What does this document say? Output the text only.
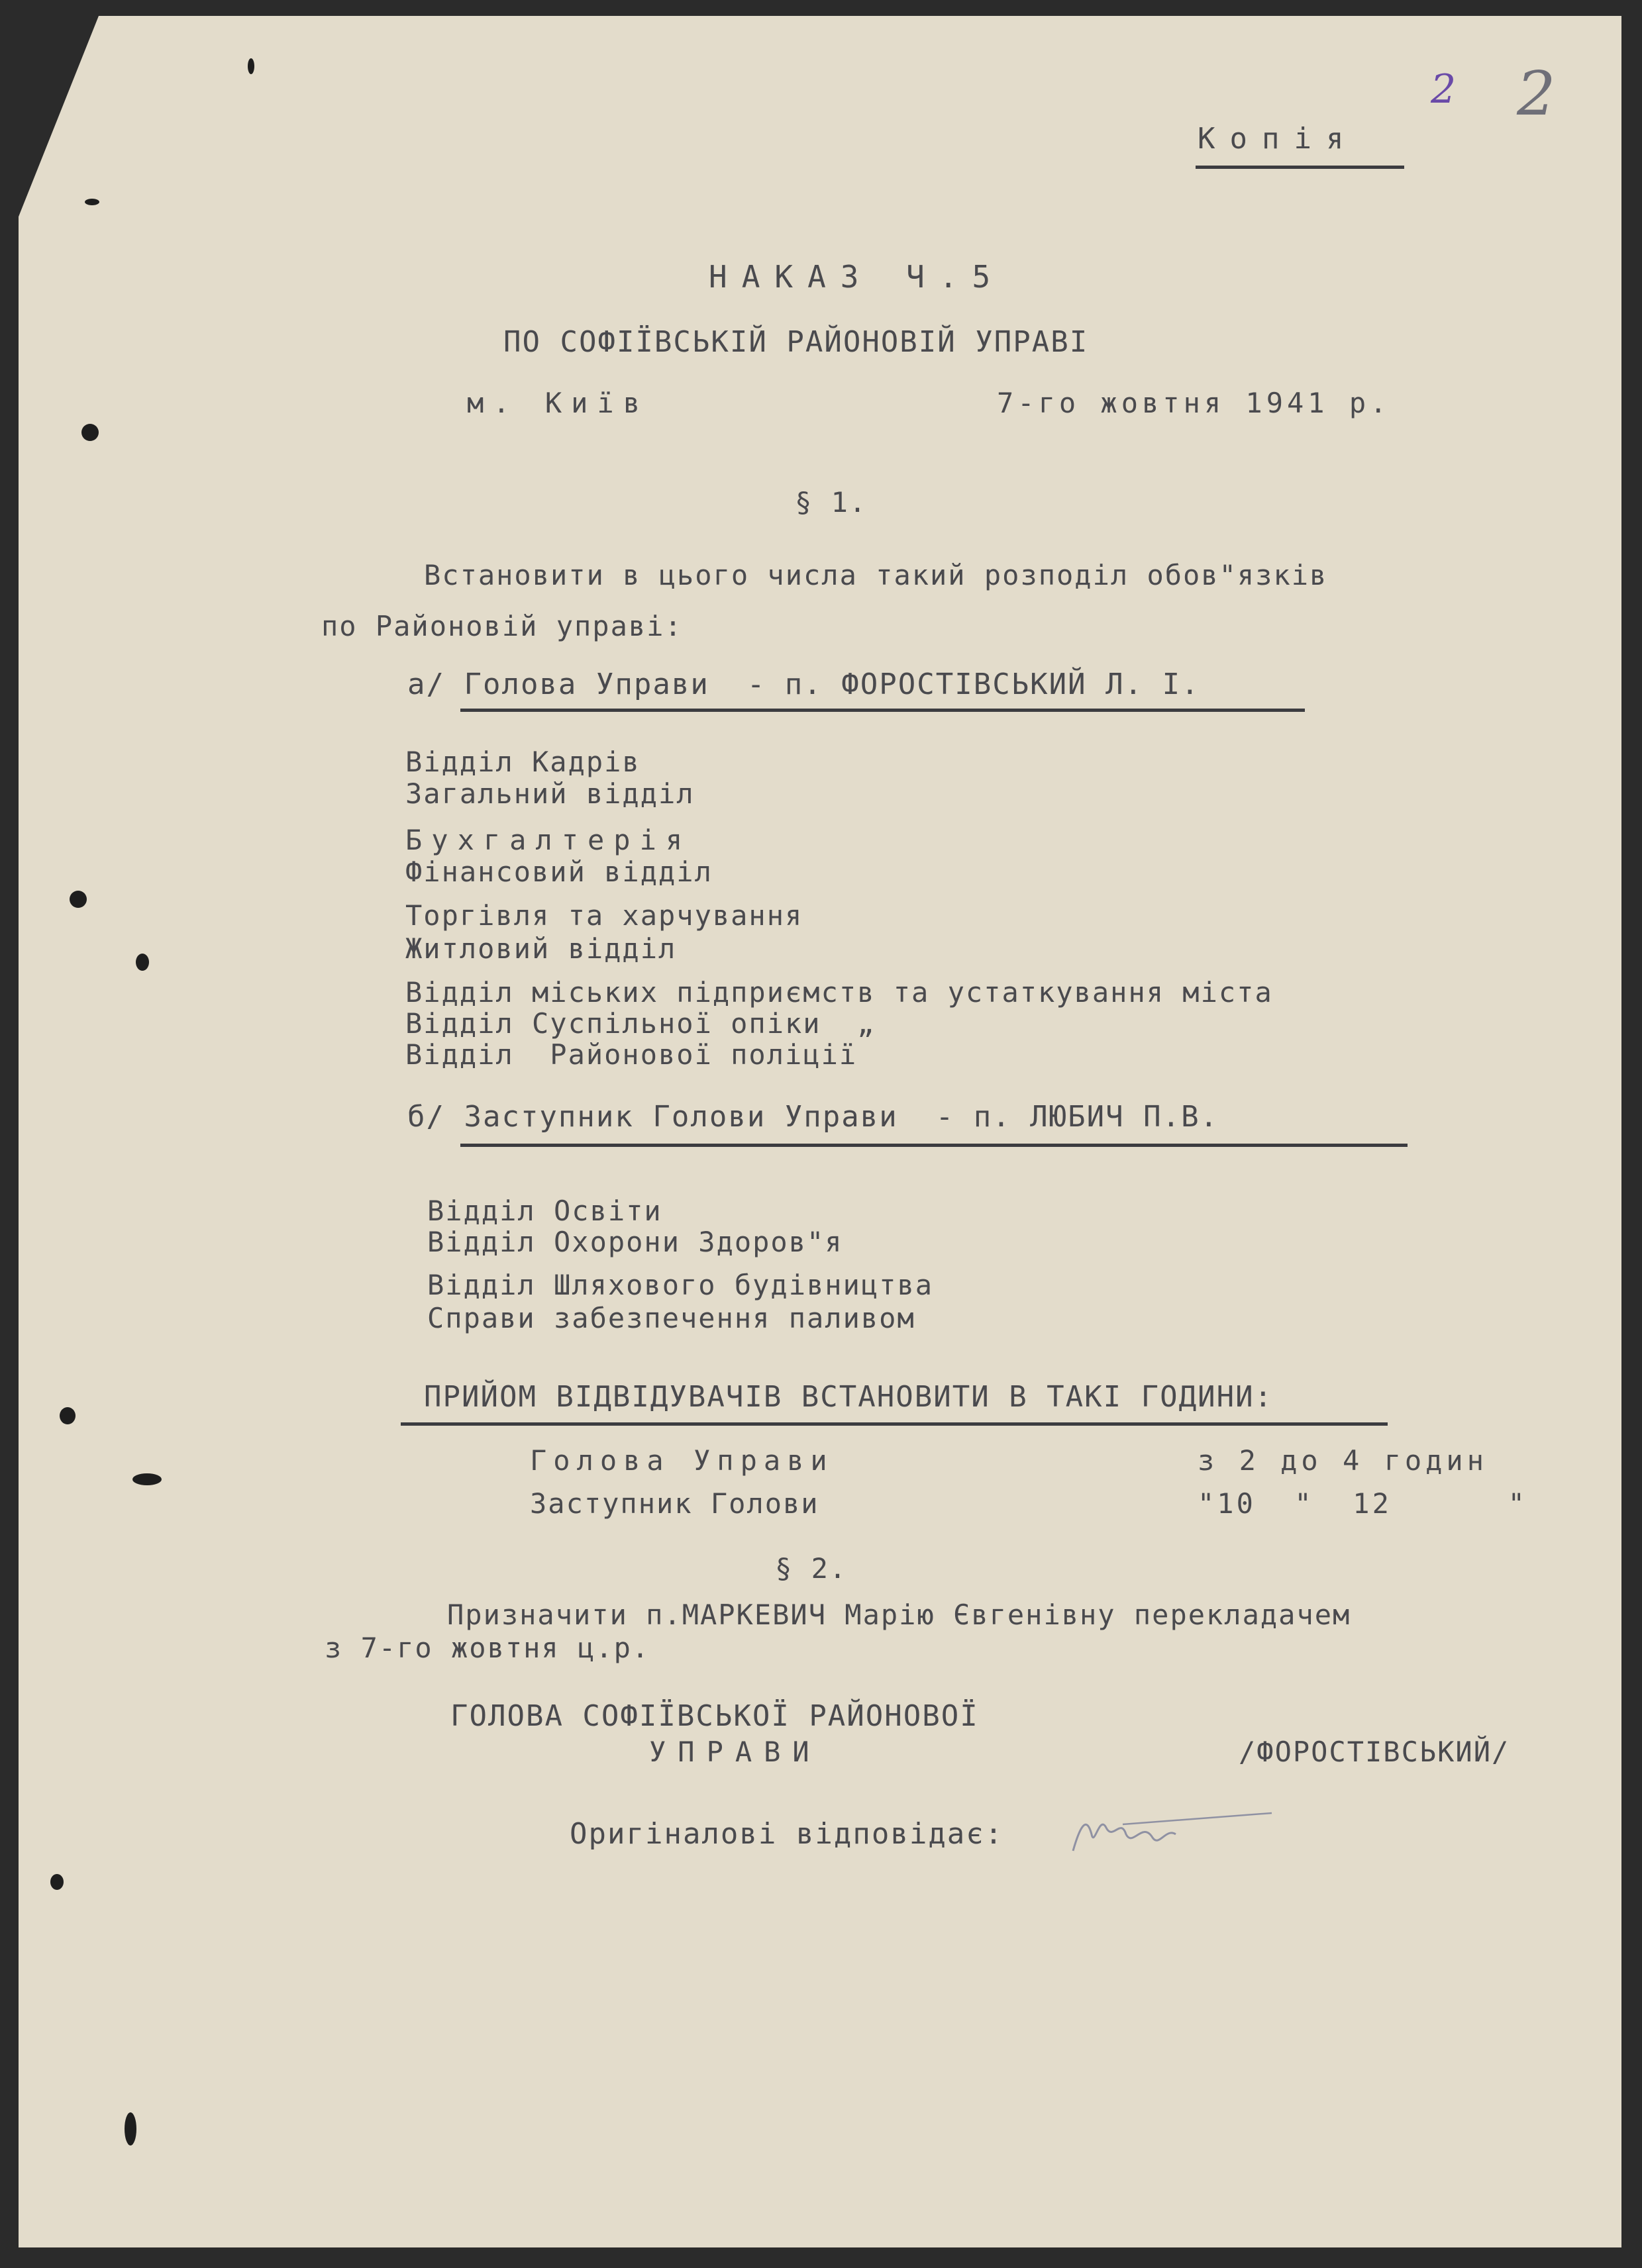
2 2
Копія
НАКАЗ Ч.5
ПО СОФІЇВСЬКІЙ РАЙОНОВІЙ УПРАВІ
м. Київ	7-го жовтня 1941 р.
§ 1.
Встановити в цього числа такий розподіл обов"язків
по Районовій управі:
а/ Голова Управи  - п. ФОРОСТІВСЬКИЙ Л. І.
Відділ Кадрів
Загальний відділ
Бухгалтерія
Фінансовий відділ
Торгівля та харчування
Житловий відділ
Відділ міських підприємств та устаткування міста
Відділ Суспільної опіки  „
Відділ  Районової поліції
б/ Заступник Голови Управи  - п. ЛЮБИЧ П.В.
Відділ Освіти
Відділ Охорони Здоров"я
Відділ Шляхового будівництва
Справи забезпечення паливом
ПРИЙОМ ВІДВІДУВАЧІВ ВСТАНОВИТИ В ТАКІ ГОДИНИ:
Голова Управи	з 2 до 4 годин
Заступник Голови	"10  "  12      "
§ 2.
Призначити п.МАРКЕВИЧ Марію Євгенівну перекладачем
з 7-го жовтня ц.р.
ГОЛОВА СОФІЇВСЬКОЇ РАЙОНОВОЇ
УПРАВИ	/ФОРОСТІВСЬКИЙ/
Оригіналові відповідає:
